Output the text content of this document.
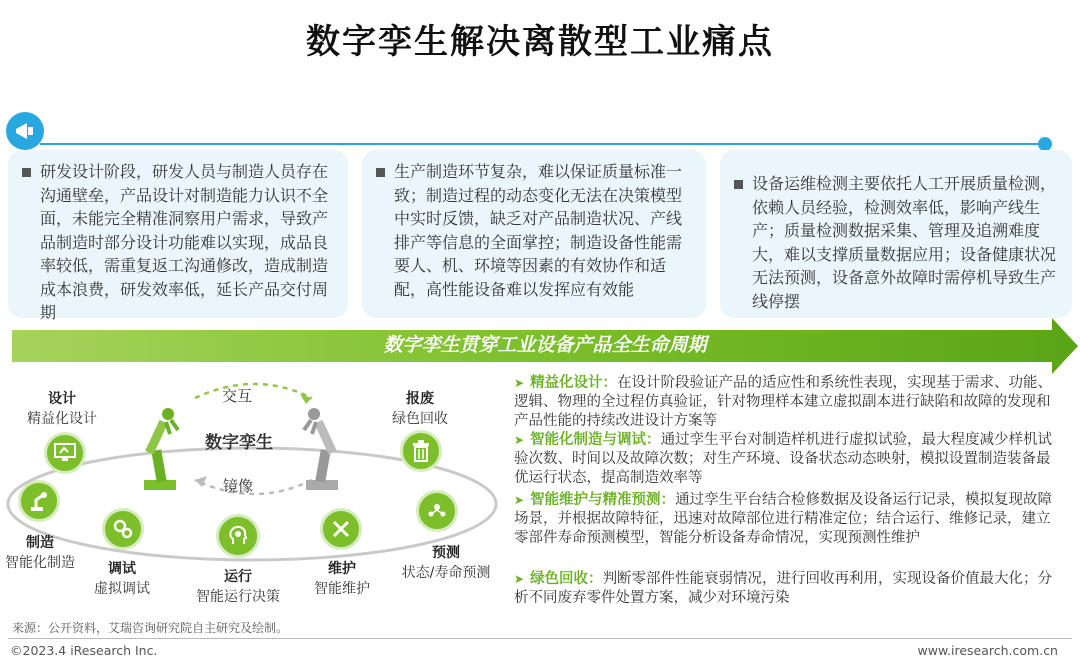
数字孪生解决离散型工业痛点
研发设计阶段，研发人员与制造人员存在沟通壁垒，产品设计对制造能力认识不全面，未能完全精准洞察用户需求，导致产品制造时部分设计功能难以实现，成品良率较低，需重复返工沟通修改，造成制造成本浪费，研发效率低，延长产品交付周期
生产制造环节复杂，难以保证质量标准一致；制造过程的动态变化无法在决策模型中实时反馈，缺乏对产品制造状况、产线排产等信息的全面掌控；制造设备性能需要人、机、环境等因素的有效协作和适配，高性能设备难以发挥应有效能
设备运维检测主要依托人工开展质量检测，依赖人员经验，检测效率低，影响产线生产；质量检测数据采集、管理及追溯难度大，难以支撑质量数据应用；设备健康状况无法预测，设备意外故障时需停机导致生产线停摆
数字孪生贯穿工业设备产品全生命周期
交互
数字孪生
镜像
设计
精益化设计
制造
智能化制造	调试
虚拟调试
运行
智能运行决策
维护
智能维护
预测
状态/寿命预测
报废
绿色回收
➤ 精益化设计：在设计阶段验证产品的适应性和系统性表现，实现基于需求、功能、逻辑、物理的全过程仿真验证，针对物理样本建立虚拟副本进行缺陷和故障的发现和产品性能的持续改进设计方案等
➤ 智能化制造与调试：通过孪生平台对制造样机进行虚拟试验，最大程度减少样机试验次数、时间以及故障次数；对生产环境、设备状态动态映射，模拟设置制造装备最优运行状态，提高制造效率等
➤ 智能维护与精准预测：通过孪生平台结合检修数据及设备运行记录，模拟复现故障场景，并根据故障特征，迅速对故障部位进行精准定位；结合运行、维修记录，建立零部件寿命预测模型，智能分析设备寿命情况，实现预测性维护
➤ 绿色回收：判断零部件性能衰弱情况，进行回收再利用，实现设备价值最大化；分析不同废弃零件处置方案，减少对环境污染
来源：公开资料，艾瑞咨询研究院自主研究及绘制。
©2023.4 iResearch Inc.	www.iresearch.com.cn
